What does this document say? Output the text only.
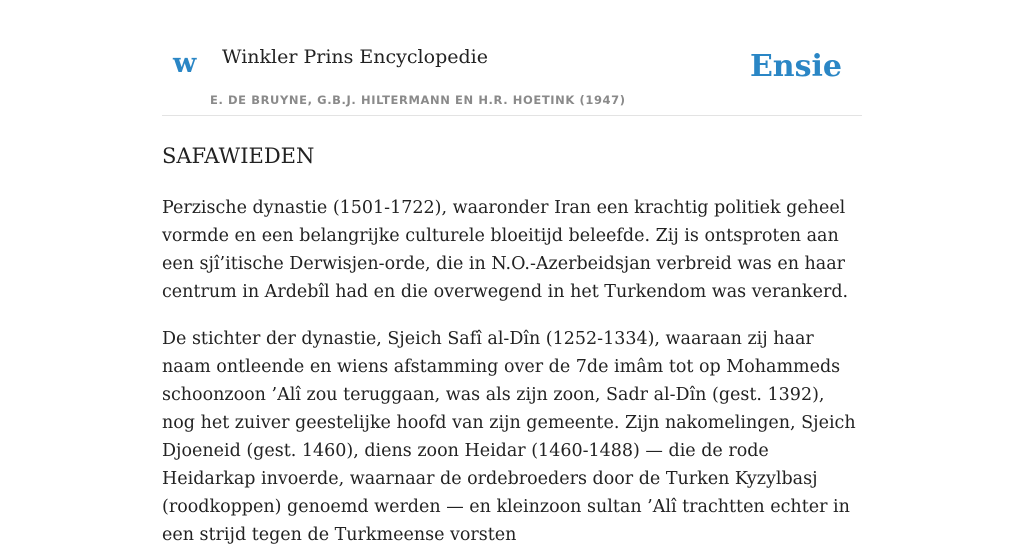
w Winkler Prins Encyclopedie
E. DE BRUYNE, G.B.J. HILTERMANN EN H.R. HOETINK (1947)
Ensie
SAFAWIEDEN

Perzische dynastie (1501-1722), waaronder Iran een krachtig politiek geheel vormde en een belangrijke culturele bloeitijd beleefde. Zij is ontsproten aan een sjî’itische Derwisjen-orde, die in N.O.-Azerbeidsjan verbreid was en haar centrum in Ardebîl had en die overwegend in het Turkendom was verankerd.

De stichter der dynastie, Sjeich Safî al-Dîn (1252-1334), waaraan zij haar naam ontleende en wiens afstamming over de 7de imâm tot op Mohammeds schoonzoon ’Alî zou teruggaan, was als zijn zoon, Sadr al-Dîn (gest. 1392), nog het zuiver geestelijke hoofd van zijn gemeente. Zijn nakomelingen, Sjeich Djoeneid (gest. 1460), diens zoon Heidar (1460-1488) — die de rode Heidarkap invoerde, waarnaar de ordebroeders door de Turken Kyzylbasj (roodkoppen) genoemd werden — en kleinzoon sultan ’Alî trachtten echter in een strijd tegen de Turkmeense vorsten
